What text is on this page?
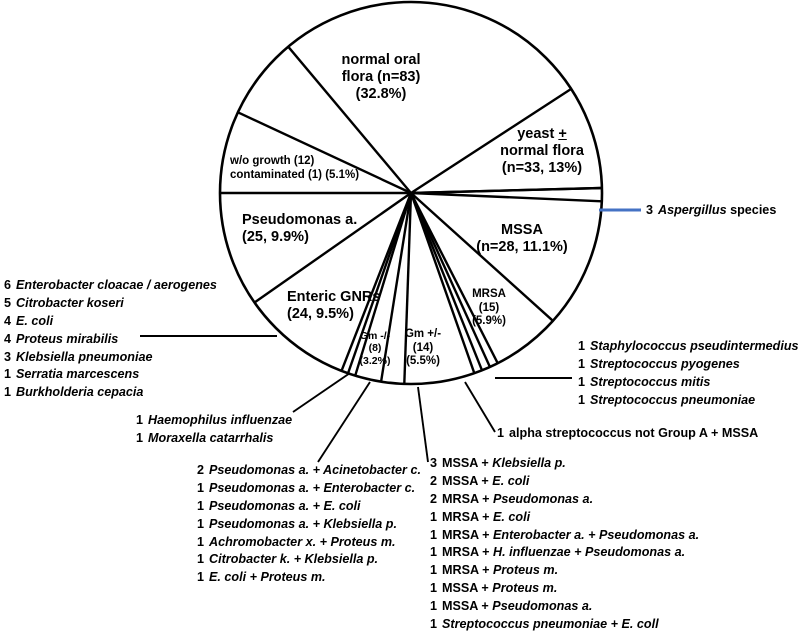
normal oral
flora (n=83)
(32.8%)
yeast +
normal flora
(n=33, 13%)
w/o growth (12)
contaminated (1) (5.1%)
Pseudomonas a.
(25, 9.9%)
Enteric GNRs
(24, 9.5%)
Gm -/-
(8)
(3.2%)
Gm +/-
(14)
(5.5%)
MRSA
(15)
(5.9%)
MSSA
(n=28, 11.1%)
3 Aspergillus species
6 Enterobacter cloacae / aerogenes
5 Citrobacter koseri
4 E. coli
4 Proteus mirabilis
3 Klebsiella pneumoniae
1 Serratia marcescens
1 Burkholderia cepacia
1 Staphylococcus pseudintermedius
1 Streptococcus pyogenes
1 Streptococcus mitis
1 Streptococcus pneumoniae
1 Haemophilus influenzae
1 Moraxella catarrhalis	1 alpha streptococcus not Group A + MSSA
2 Pseudomonas a. + Acinetobacter c.
1 Pseudomonas a. + Enterobacter c.
1 Pseudomonas a. + E. coli
1 Pseudomonas a. + Klebsiella p.
1 Achromobacter x. + Proteus m.
1 Citrobacter k. + Klebsiella p.
1 E. coli + Proteus m.
3 MSSA + Klebsiella p.
2 MSSA + E. coli
2 MRSA + Pseudomonas a.
1 MRSA + E. coli
1 MRSA + Enterobacter a. + Pseudomonas a.
1 MRSA + H. influenzae + Pseudomonas a.
1 MRSA + Proteus m.
1 MSSA + Proteus m.
1 MSSA + Pseudomonas a.
1 Streptococcus pneumoniae + E. coll
